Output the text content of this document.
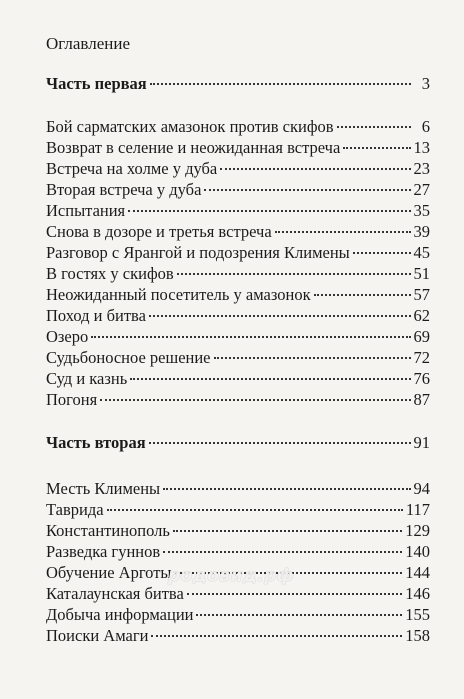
Оглавление
Часть первая	3
Бой сарматских амазонок против скифов	6
Возврат в селение и неожиданная встреча	13
Встреча на холме у дуба	23
Вторая встреча у дуба	27
Испытания	35
Снова в дозоре и третья встреча	39
Разговор с Ярангой и подозрения Климены	45
В гостях у скифов	51
Неожиданный посетитель у амазонок	57
Поход и битва	62
Озеро	69
Судьбоносное решение	72
Суд и казнь	76
Погоня	87
Часть вторая	91
Месть Климены	94
Таврида	117
Константинополь	129
Разведка гуннов	140
Обучение Арготы	144
Каталаунская битва	146
Добыча информации	155
Поиски Амаги	158
родовид.рф
